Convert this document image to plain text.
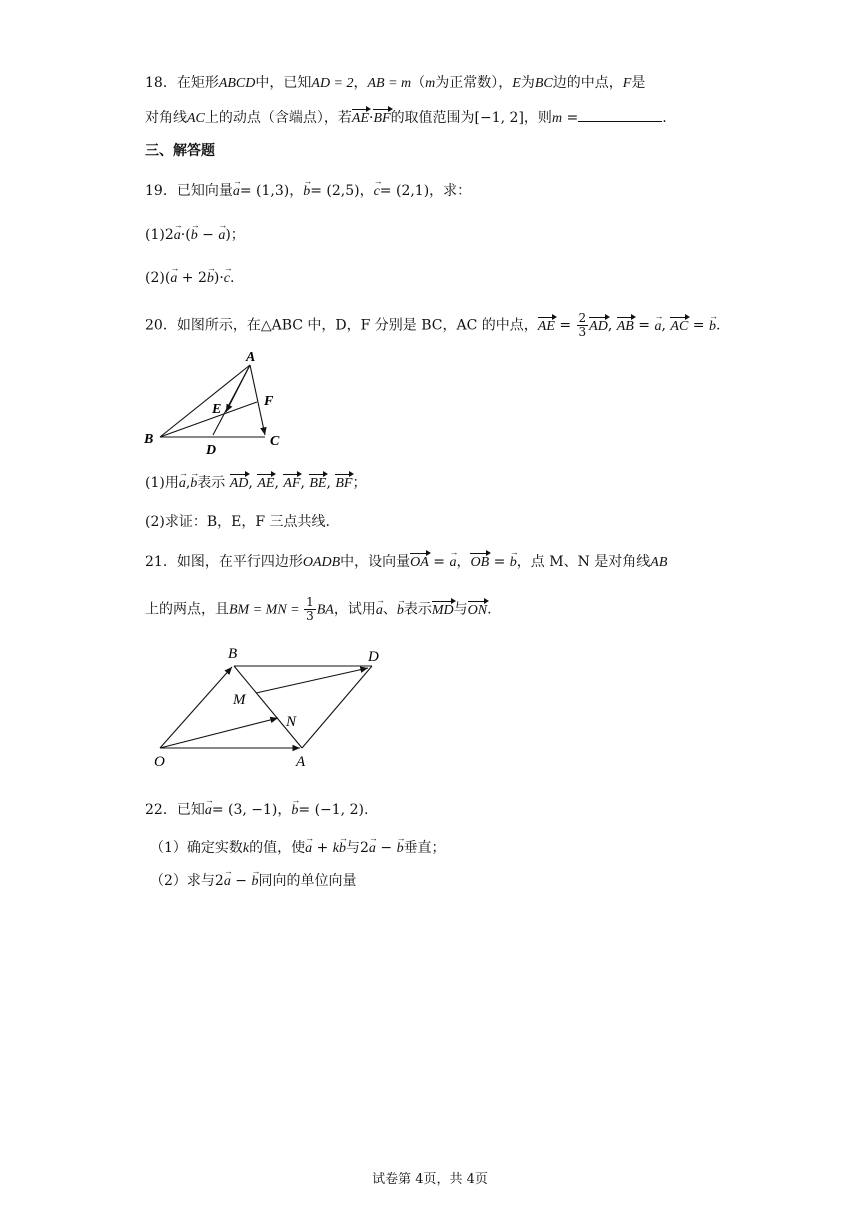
18．在矩形ABCD中，已知AD = 2，AB = m（m为正常数），E为BC边的中点，F是
对角线AC上的动点（含端点），若AE·BF的取值范围为[−1, 2]，则m =	.
三、解答题
19．已知向量→ a= (1,3)，→ b= (2,5)，→ c= (2,1)，求：
(1)2→ a·(→ b − → a)；
(2)(→ a + 2→ b)·→ c.
20．如图所示，在△ABC 中，D，F 分别是 BC，AC 的中点，AE = $\frac{2}{3}$ AD, AB = → a, AC = → b.
A
E
F
B
D
C
(1)用→ a,→ b表示 AD, AE, AF, BE, BF；
(2)求证：B，E，F 三点共线.
21．如图，在平行四边形OADB中，设向量OA = → a，OB = → b，点 M、N 是对角线AB
上的两点，且BM = MN = $\frac{1}{3}$ BA，试用→ a、→ b表示MD与ON.
B	D
M
N
O	A
22．已知→ a= (3, −1)，→ b= (−1, 2).
（1）确定实数k的值，使→ a + k→ b与2→ a − → b垂直；
（2）求与2→ a − → b同向的单位向量
试卷第 4页，共 4页
